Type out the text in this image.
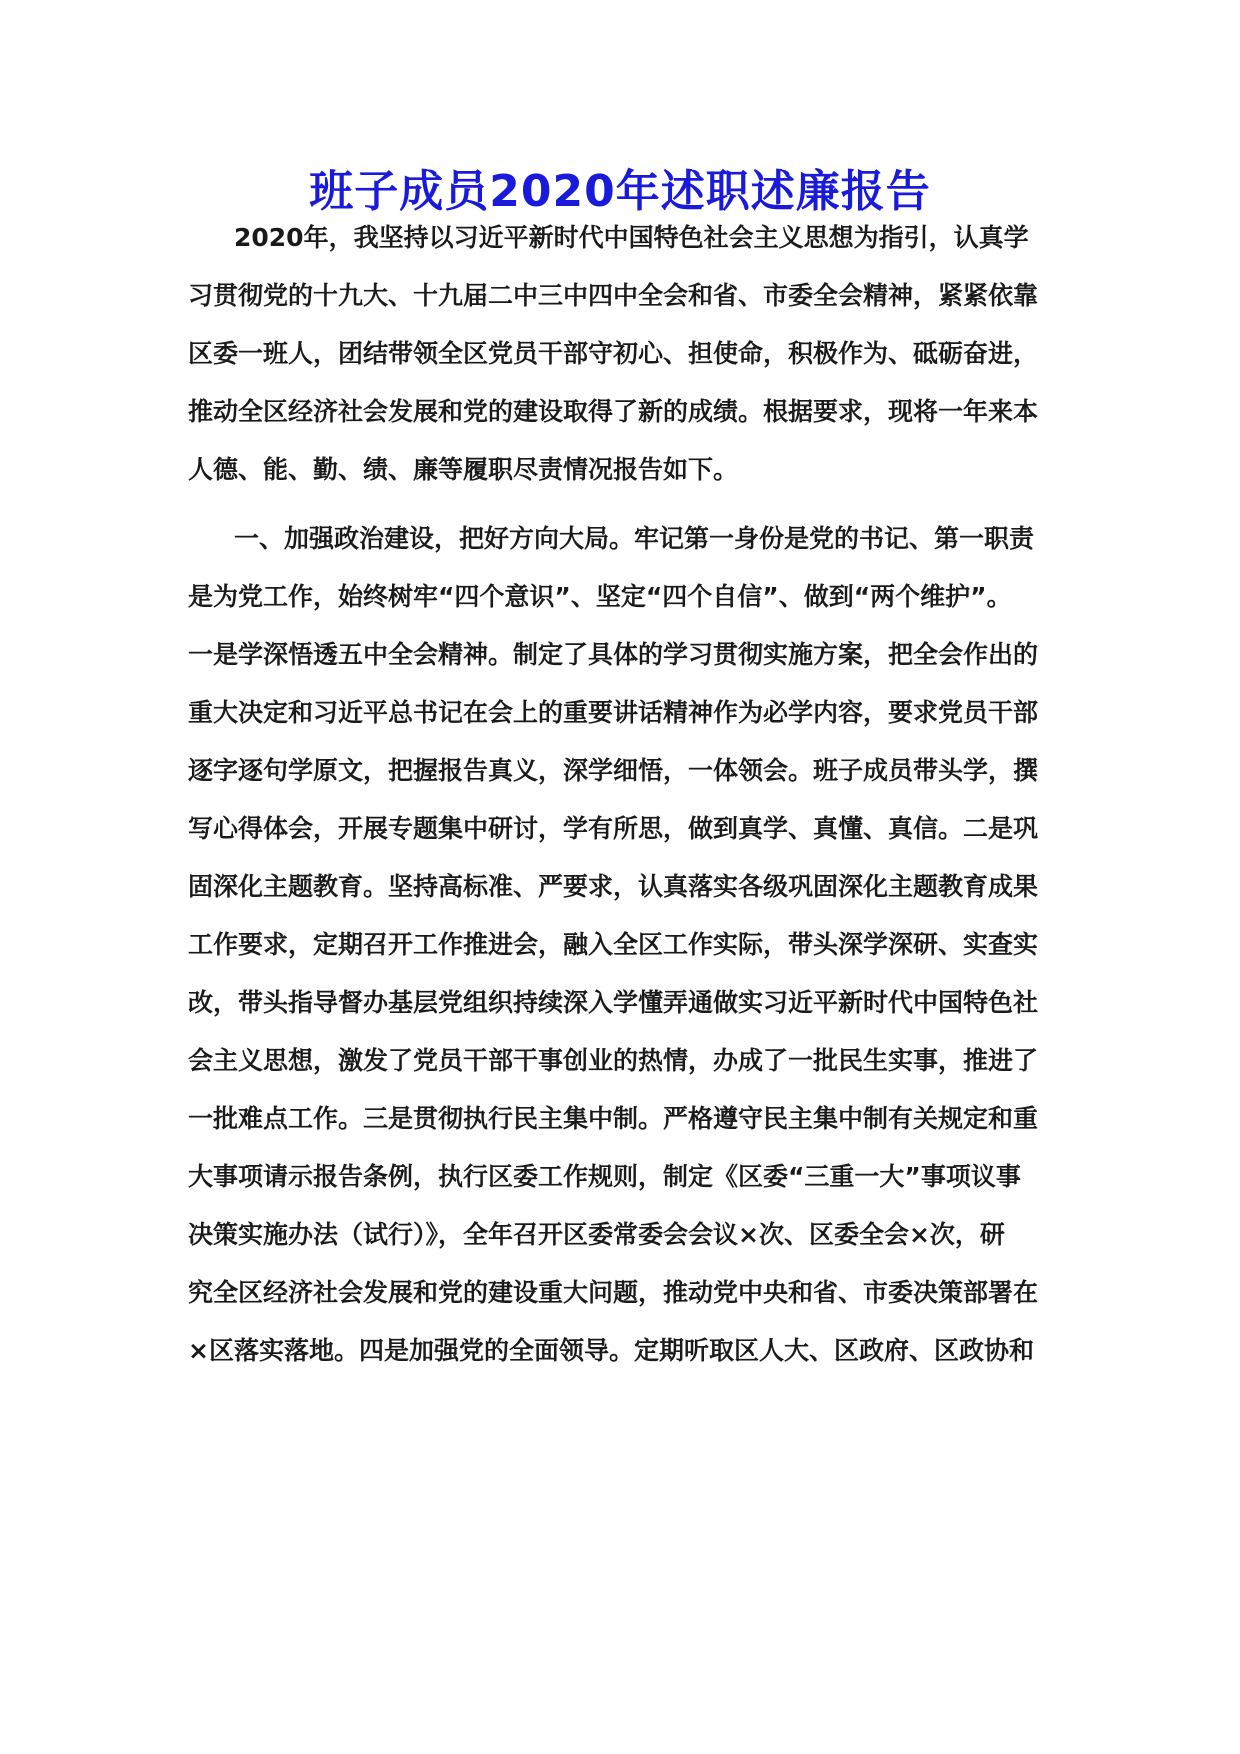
班子成员2020年述职述廉报告
2020年，我坚持以习近平新时代中国特色社会主义思想为指引，认真学
习贯彻党的十九大、十九届二中三中四中全会和省、市委全会精神，紧紧依靠
区委一班人，团结带领全区党员干部守初心、担使命，积极作为、砥砺奋进，
推动全区经济社会发展和党的建设取得了新的成绩。根据要求，现将一年来本
人德、能、勤、绩、廉等履职尽责情况报告如下。
一、加强政治建设，把好方向大局。牢记第一身份是党的书记、第一职责
是为党工作，始终树牢“四个意识”、坚定“四个自信”、做到“两个维护”。
一是学深悟透五中全会精神。制定了具体的学习贯彻实施方案，把全会作出的
重大决定和习近平总书记在会上的重要讲话精神作为必学内容，要求党员干部
逐字逐句学原文，把握报告真义，深学细悟，一体领会。班子成员带头学，撰
写心得体会，开展专题集中研讨，学有所思，做到真学、真懂、真信。二是巩
固深化主题教育。坚持高标准、严要求，认真落实各级巩固深化主题教育成果
工作要求，定期召开工作推进会，融入全区工作实际，带头深学深研、实查实
改，带头指导督办基层党组织持续深入学懂弄通做实习近平新时代中国特色社
会主义思想，激发了党员干部干事创业的热情，办成了一批民生实事，推进了
一批难点工作。三是贯彻执行民主集中制。严格遵守民主集中制有关规定和重
大事项请示报告条例，执行区委工作规则，制定《区委“三重一大”事项议事
决策实施办法（试行）》，全年召开区委常委会会议×次、区委全会×次，研
究全区经济社会发展和党的建设重大问题，推动党中央和省、市委决策部署在
×区落实落地。四是加强党的全面领导。定期听取区人大、区政府、区政协和
